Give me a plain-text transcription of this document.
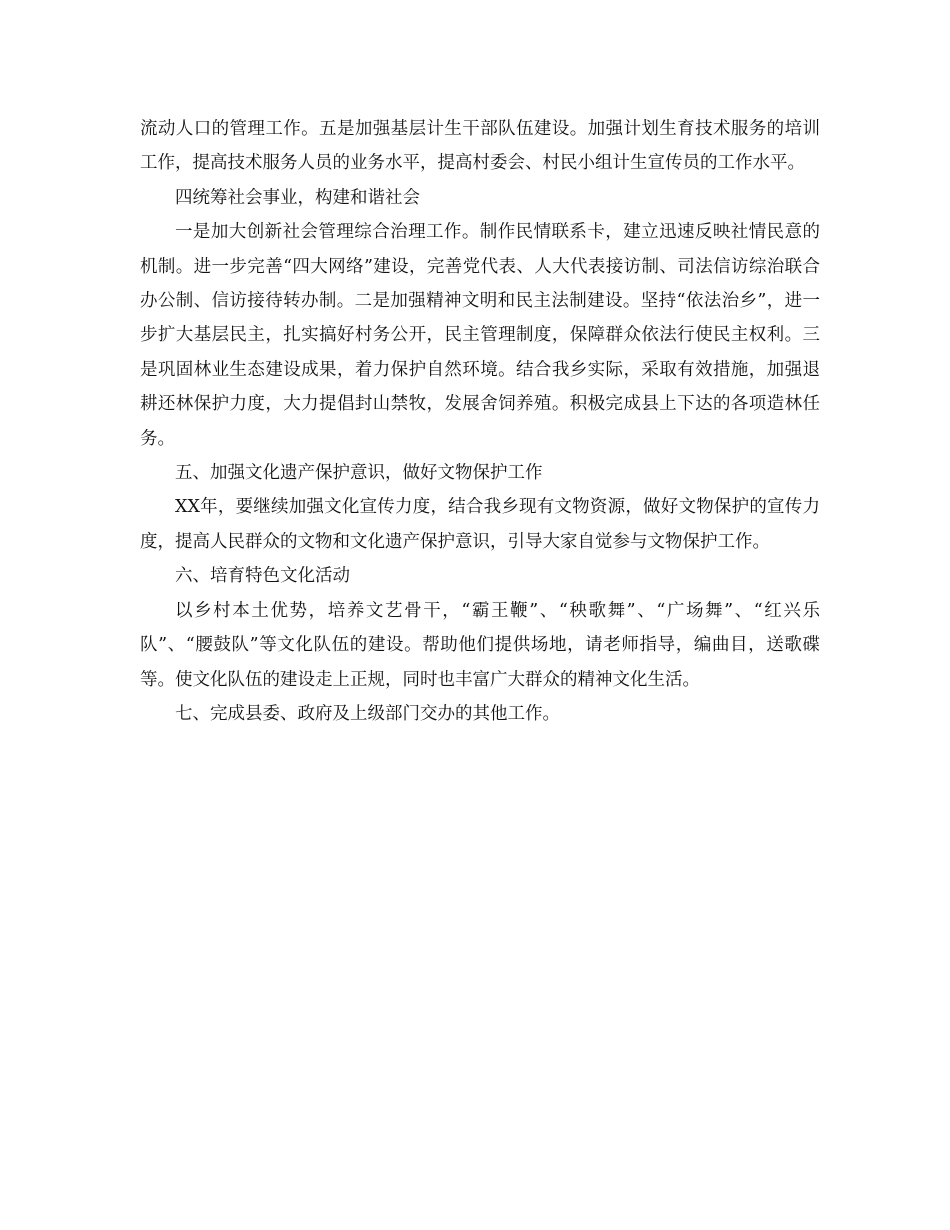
流动人口的管理工作。五是加强基层计生干部队伍建设。加强计划生育技术服务的培训工作，提高技术服务人员的业务水平，提高村委会、村民小组计生宣传员的工作水平。

四统筹社会事业，构建和谐社会

一是加大创新社会管理综合治理工作。制作民情联系卡，建立迅速反映社情民意的机制。进一步完善“四大网络”建设，完善党代表、人大代表接访制、司法信访综治联合办公制、信访接待转办制。二是加强精神文明和民主法制建设。坚持“依法治乡”，进一步扩大基层民主，扎实搞好村务公开，民主管理制度，保障群众依法行使民主权利。三是巩固林业生态建设成果，着力保护自然环境。结合我乡实际，采取有效措施，加强退耕还林保护力度，大力提倡封山禁牧，发展舍饲养殖。积极完成县上下达的各项造林任务。

五、加强文化遗产保护意识，做好文物保护工作

XX年，要继续加强文化宣传力度，结合我乡现有文物资源，做好文物保护的宣传力度，提高人民群众的文物和文化遗产保护意识，引导大家自觉参与文物保护工作。

六、培育特色文化活动

以乡村本土优势，培养文艺骨干，“霸王鞭”、“秧歌舞”、“广场舞”、“红兴乐队”、“腰鼓队”等文化队伍的建设。帮助他们提供场地，请老师指导，编曲目，送歌碟等。使文化队伍的建设走上正规，同时也丰富广大群众的精神文化生活。

七、完成县委、政府及上级部门交办的其他工作。
